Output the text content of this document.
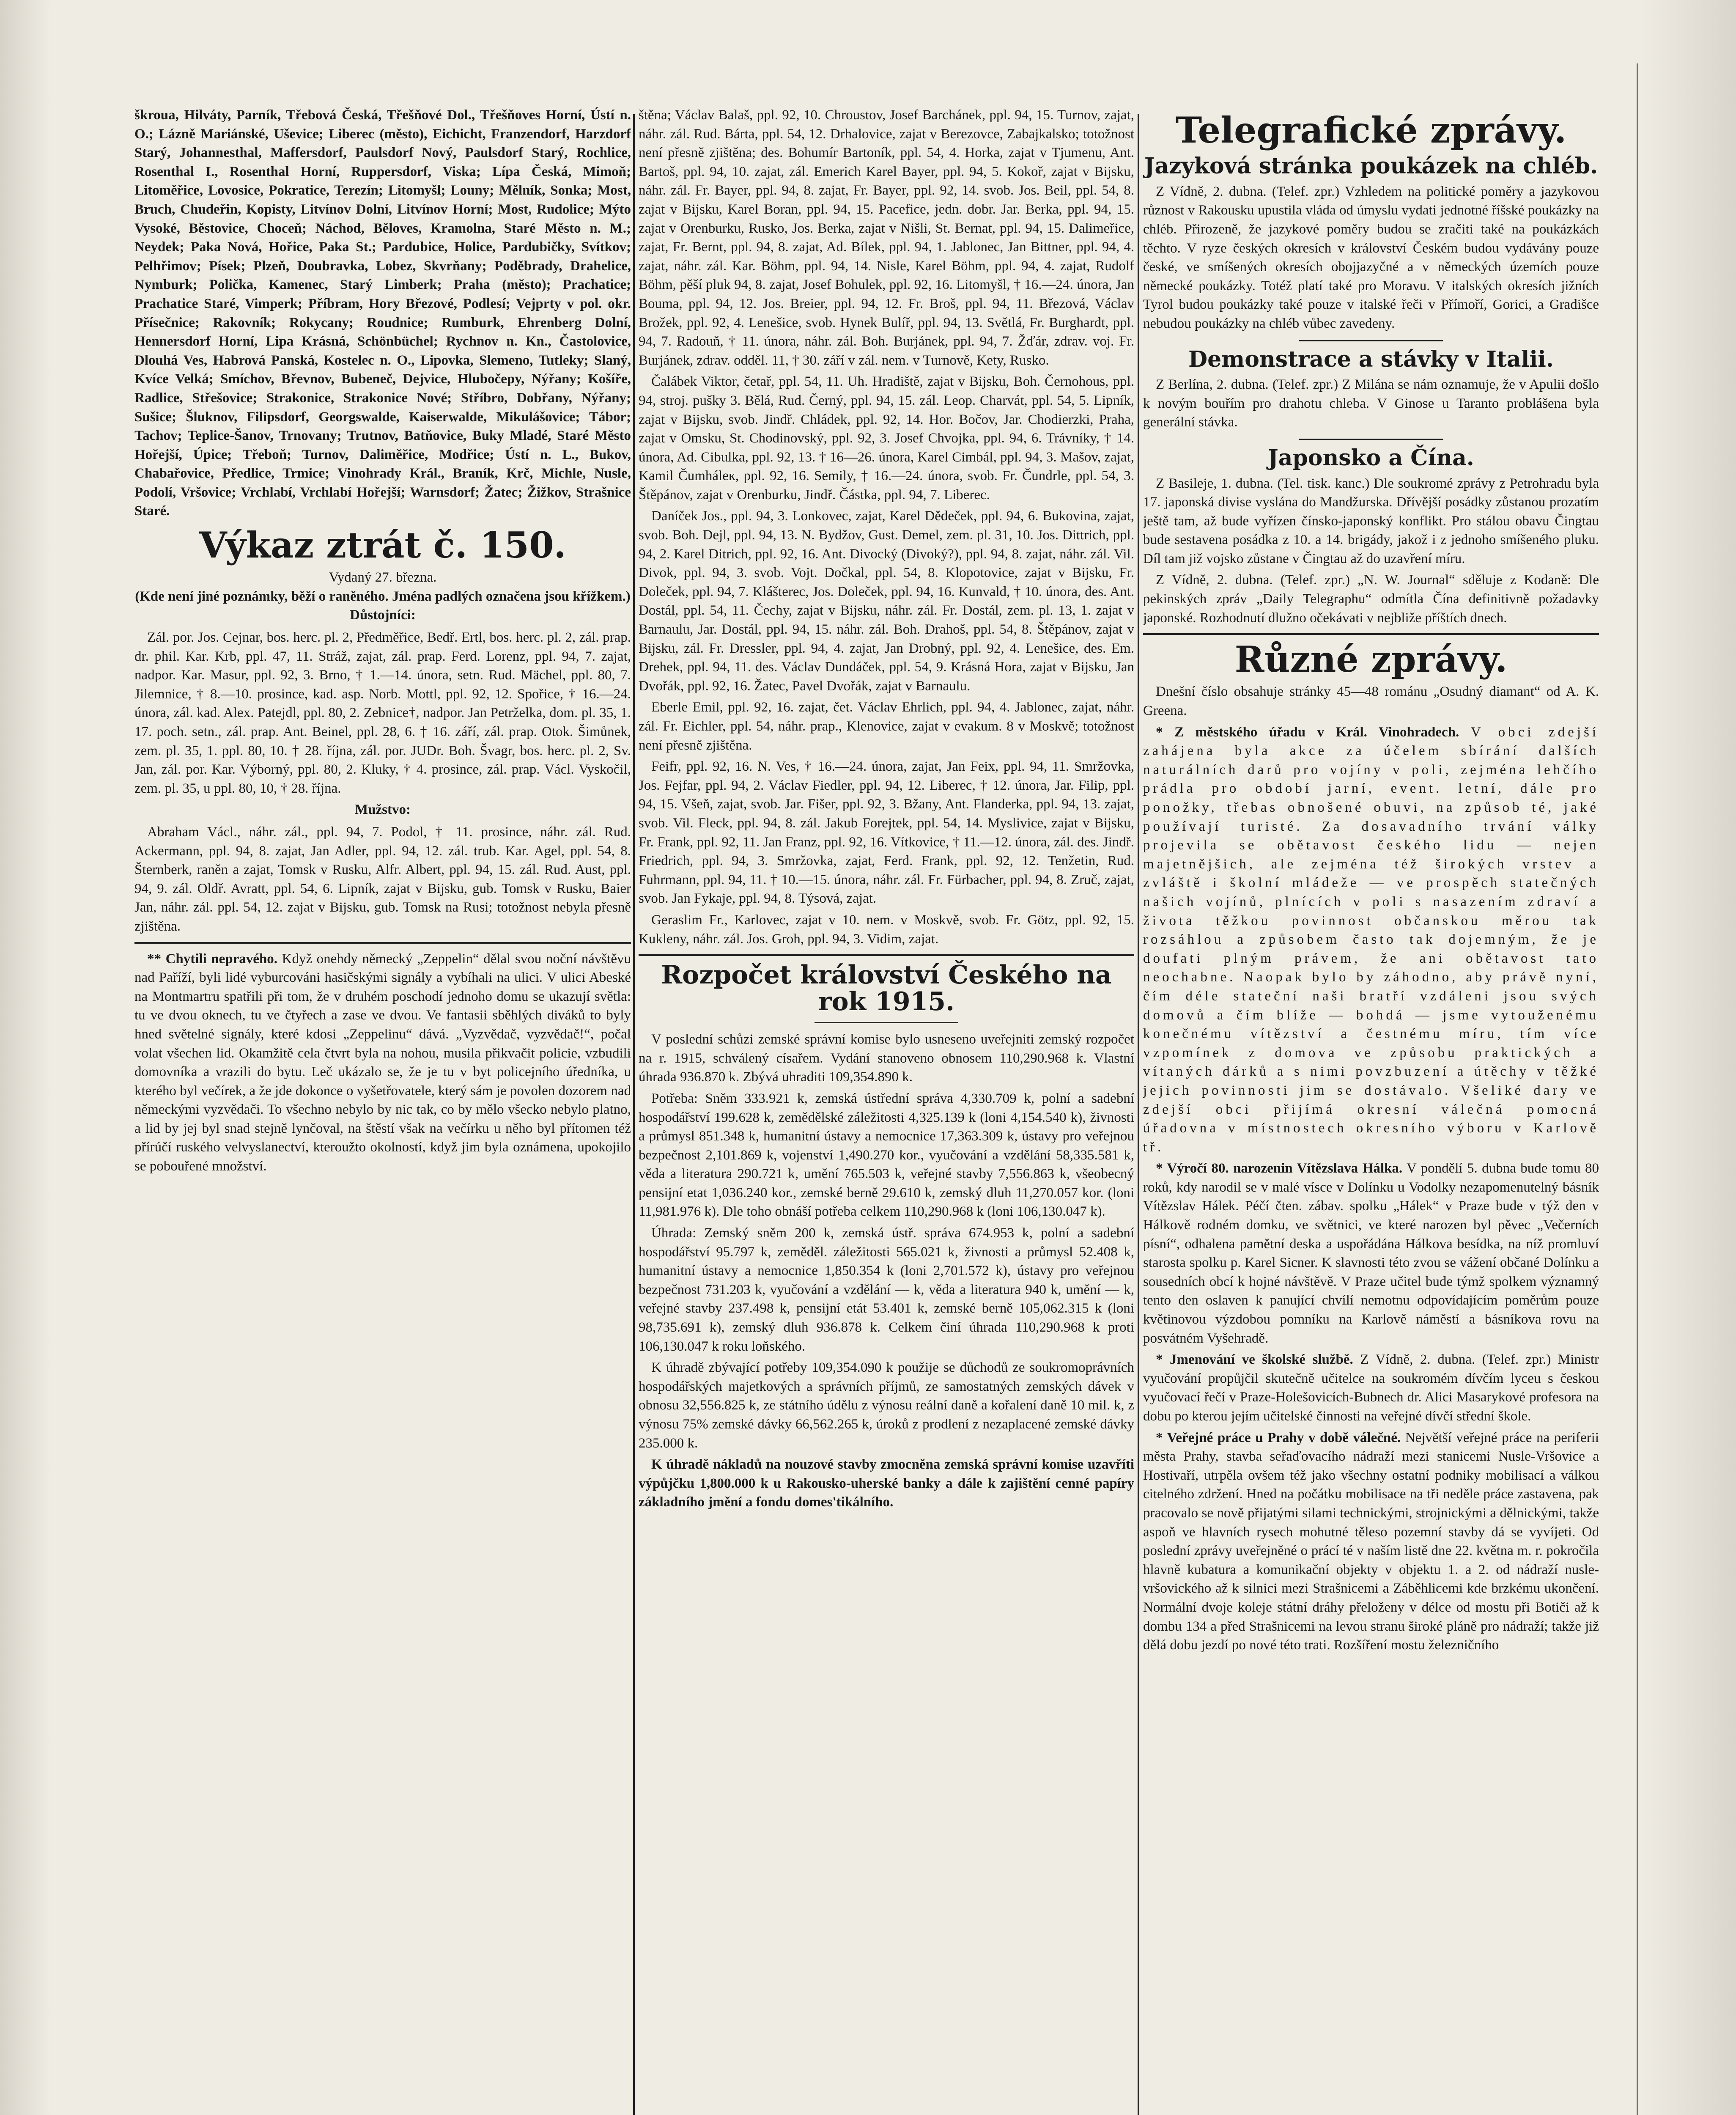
škroua, Hilváty, Parník, Třebová Česká, Třešňové Dol., Třešňoves Horní, Ústí n. O.; Lázně Mariánské, Uševice; Liberec (město), Eichicht, Franzendorf, Harzdorf Starý, Johannesthal, Maffersdorf, Paulsdorf Nový, Paulsdorf Starý, Rochlice, Rosenthal I., Rosenthal Horní, Ruppersdorf, Viska; Lípa Česká, Mimoň; Litoměřice, Lovosice, Pokratice, Terezín; Litomyšl; Louny; Mělník, Sonka; Most, Bruch, Chudeřin, Kopisty, Litvínov Dolní, Litvínov Horní; Most, Rudolice; Mýto Vysoké, Běstovice, Choceň; Náchod, Běloves, Kramolna, Staré Město n. M.; Neydek; Paka Nová, Hořice, Paka St.; Pardubice, Holice, Pardubičky, Svítkov; Pelhřimov; Písek; Plzeň, Doubravka, Lobez, Skvrňany; Poděbrady, Drahelice, Nymburk; Polička, Kamenec, Starý Limberk; Praha (město); Prachatice; Prachatice Staré, Vimperk; Příbram, Hory Březové, Podlesí; Vejprty v pol. okr. Přísečnice; Rakovník; Rokycany; Roudnice; Rumburk, Ehrenberg Dolní, Hennersdorf Horní, Lipa Krásná, Schönbüchel; Rychnov n. Kn., Častolovice, Dlouhá Ves, Habrová Panská, Kostelec n. O., Lipovka, Slemeno, Tutleky; Slaný, Kvíce Velká; Smíchov, Břevnov, Bubeneč, Dejvice, Hlubočepy, Nýřany; Košíře, Radlice, Střešovice; Strakonice, Strakonice Nové; Stříbro, Dobřany, Nýřany; Sušice; Šluknov, Filipsdorf, Georgswalde, Kaiserwalde, Mikulášovice; Tábor; Tachov; Teplice-Šanov, Trnovany; Trutnov, Batňovice, Buky Mladé, Staré Město Hořejší, Úpice; Třeboň; Turnov, Daliměřice, Modřice; Ústí n. L., Bukov, Chabařovice, Předlice, Trmice; Vinohrady Král., Braník, Krč, Michle, Nusle, Podolí, Vršovice; Vrchlabí, Vrchlabí Hořejší; Warnsdorf; Žatec; Žižkov, Strašnice Staré.

Výkaz ztrát č. 150.
Vydaný 27. března.
(Kde není jiné poznámky, běží o raněného. Jména padlých označena jsou křížkem.)
Důstojníci:

Zál. por. Jos. Cejnar, bos. herc. pl. 2, Předměřice, Bedř. Ertl, bos. herc. pl. 2, zál. prap. dr. phil. Kar. Krb, ppl. 47, 11. Stráž, zajat, zál. prap. Ferd. Lorenz, ppl. 94, 7. zajat, nadpor. Kar. Masur, ppl. 92, 3. Brno, † 1.—14. února, setn. Rud. Mächel, ppl. 80, 7. Jilemnice, † 8.—10. prosince, kad. asp. Norb. Mottl, ppl. 92, 12. Spořice, † 16.—24. února, zál. kad. Alex. Patejdl, ppl. 80, 2. Zebnice†, nadpor. Jan Petrželka, dom. pl. 35, 1. 17. poch. setn., zál. prap. Ant. Beinel, ppl. 28, 6. † 16. září, zál. prap. Otok. Šimůnek, zem. pl. 35, 1. ppl. 80, 10. † 28. října, zál. por. JUDr. Boh. Švagr, bos. herc. pl. 2, Sv. Jan, zál. por. Kar. Výborný, ppl. 80, 2. Kluky, † 4. prosince, zál. prap. Václ. Vyskočil, zem. pl. 35, u ppl. 80, 10, † 28. října.

Mužstvo:

Abraham Václ., náhr. zál., ppl. 94, 7. Podol, † 11. prosince, náhr. zál. Rud. Ackermann, ppl. 94, 8. zajat, Jan Adler, ppl. 94, 12. zál. trub. Kar. Agel, ppl. 54, 8. Šternberk, raněn a zajat, Tomsk v Rusku, Alfr. Albert, ppl. 94, 15. zál. Rud. Aust, ppl. 94, 9. zál. Oldř. Avratt, ppl. 54, 6. Lipník, zajat v Bijsku, gub. Tomsk v Rusku, Baier Jan, náhr. zál. ppl. 54, 12. zajat v Bijsku, gub. Tomsk na Rusi; totožnost nebyla přesně zjištěna.

** Chytili nepravého. Když onehdy německý „Zeppelin“ dělal svou noční návštěvu nad Paříží, byli lidé vyburcováni hasičskými signály a vybíhali na ulici. V ulici Abeské na Montmartru spatřili při tom, že v druhém poschodí jednoho domu se ukazují světla: tu ve dvou oknech, tu ve čtyřech a zase ve dvou. Ve fantasii sběhlých diváků to byly hned světelné signály, které kdosi „Zeppelinu“ dává. „Vyzvědač, vyzvědač!“, počal volat všechen lid. Okamžitě cela čtvrt byla na nohou, musila přikvačit policie, vzbudili domovníka a vrazili do bytu. Leč ukázalo se, že je tu v byt policejního úředníka, u kterého byl večírek, a že jde dokonce o vyšetřovatele, který sám je povolen dozorem nad německými vyzvědači. To všechno nebylo by nic tak, co by mělo všecko nebylo platno, a lid by jej byl snad stejně lynčoval, na štěstí však na večírku u něho byl přítomen též přírúčí ruského velvyslanectví, kteroužto okolností, když jim byla oznámena, upokojilo se pobouřené množství.

štěna; Václav Balaš, ppl. 92, 10. Chroustov, Josef Barchánek, ppl. 94, 15. Turnov, zajat, náhr. zál. Rud. Bárta, ppl. 54, 12. Drhalovice, zajat v Berezovce, Zabajkalsko; totožnost není přesně zjištěna; des. Bohumír Bartoník, ppl. 54, 4. Horka, zajat v Tjumenu, Ant. Bartoš, ppl. 94, 10. zajat, zál. Emerich Karel Bayer, ppl. 94, 5. Kokoř, zajat v Bijsku, náhr. zál. Fr. Bayer, ppl. 94, 8. zajat, Fr. Bayer, ppl. 92, 14. svob. Jos. Beil, ppl. 54, 8. zajat v Bijsku, Karel Boran, ppl. 94, 15. Pacefice, jedn. dobr. Jar. Berka, ppl. 94, 15. zajat v Orenburku, Rusko, Jos. Berka, zajat v Nišli, St. Bernat, ppl. 94, 15. Dalimeřice, zajat, Fr. Bernt, ppl. 94, 8. zajat, Ad. Bílek, ppl. 94, 1. Jablonec, Jan Bittner, ppl. 94, 4. zajat, náhr. zál. Kar. Böhm, ppl. 94, 14. Nisle, Karel Böhm, ppl. 94, 4. zajat, Rudolf Böhm, pěší pluk 94, 8. zajat, Josef Bohulek, ppl. 92, 16. Litomyšl, † 16.—24. února, Jan Bouma, ppl. 94, 12. Jos. Breier, ppl. 94, 12. Fr. Broš, ppl. 94, 11. Březová, Václav Brožek, ppl. 92, 4. Lenešice, svob. Hynek Bulíř, ppl. 94, 13. Světlá, Fr. Burghardt, ppl. 94, 7. Radouň, † 11. února, náhr. zál. Boh. Burjánek, ppl. 94, 7. Žďár, zdrav. voj. Fr. Burjánek, zdrav. odděl. 11, † 30. září v zál. nem. v Turnově, Kety, Rusko.

Čalábek Viktor, četař, ppl. 54, 11. Uh. Hradiště, zajat v Bijsku, Boh. Černohous, ppl. 94, stroj. pušky 3. Bělá, Rud. Černý, ppl. 94, 15. zál. Leop. Charvát, ppl. 54, 5. Lipník, zajat v Bijsku, svob. Jindř. Chládek, ppl. 92, 14. Hor. Bočov, Jar. Chodierzki, Praha, zajat v Omsku, St. Chodinovský, ppl. 92, 3. Josef Chvojka, ppl. 94, 6. Trávníky, † 14. února, Ad. Cibulka, ppl. 92, 13. † 16—26. února, Karel Cimbál, ppl. 94, 3. Mašov, zajat, Kamil Čumháleк, ppl. 92, 16. Semily, † 16.—24. února, svob. Fr. Čundrle, ppl. 54, 3. Štěpánov, zajat v Orenburku, Jindř. Částka, ppl. 94, 7. Liberec.

Daníček Jos., ppl. 94, 3. Lonkovec, zajat, Karel Dědeček, ppl. 94, 6. Bukovina, zajat, svob. Boh. Dejl, ppl. 94, 13. N. Bydžov, Gust. Demel, zem. pl. 31, 10. Jos. Dittrich, ppl. 94, 2. Karel Ditrich, ppl. 92, 16. Ant. Divocký (Divoký?), ppl. 94, 8. zajat, náhr. zál. Vil. Divok, ppl. 94, 3. svob. Vojt. Dočkal, ppl. 54, 8. Klopotovice, zajat v Bijsku, Fr. Doleček, ppl. 94, 7. Klášterec, Jos. Doleček, ppl. 94, 16. Kunvald, † 10. února, des. Ant. Dostál, ppl. 54, 11. Čechy, zajat v Bijsku, náhr. zál. Fr. Dostál, zem. pl. 13, 1. zajat v Barnaulu, Jar. Dostál, ppl. 94, 15. náhr. zál. Boh. Drahoš, ppl. 54, 8. Štěpánov, zajat v Bijsku, zál. Fr. Dressler, ppl. 94, 4. zajat, Jan Drobný, ppl. 92, 4. Lenešice, des. Em. Drehek, ppl. 94, 11. des. Václav Dundáček, ppl. 54, 9. Krásná Hora, zajat v Bijsku, Jan Dvořák, ppl. 92, 16. Žatec, Pavel Dvořák, zajat v Barnaulu.

Eberle Emil, ppl. 92, 16. zajat, čet. Václav Ehrlich, ppl. 94, 4. Jablonec, zajat, náhr. zál. Fr. Eichler, ppl. 54, náhr. prap., Klenovice, zajat v evakum. 8 v Moskvě; totožnost není přesně zjištěna.

Feifr, ppl. 92, 16. N. Ves, † 16.—24. února, zajat, Jan Feix, ppl. 94, 11. Smržovka, Jos. Fejfar, ppl. 94, 2. Václav Fiedler, ppl. 94, 12. Liberec, † 12. února, Jar. Filip, ppl. 94, 15. Všeň, zajat, svob. Jar. Fišer, ppl. 92, 3. Bžany, Ant. Flanderka, ppl. 94, 13. zajat, svob. Vil. Fleck, ppl. 94, 8. zál. Jakub Forejtek, ppl. 54, 14. Myslivice, zajat v Bijsku, Fr. Frank, ppl. 92, 11. Jan Franz, ppl. 92, 16. Vítkovice, † 11.—12. února, zál. des. Jindř. Friedrich, ppl. 94, 3. Smržovka, zajat, Ferd. Frank, ppl. 92, 12. Tenžetin, Rud. Fuhrmann, ppl. 94, 11. † 10.—15. února, náhr. zál. Fr. Fürbacher, ppl. 94, 8. Zruč, zajat, svob. Jan Fykaje, ppl. 94, 8. Týsová, zajat.

Geraslim Fr., Karlovec, zajat v 10. nem. v Moskvě, svob. Fr. Götz, ppl. 92, 15. Kukleny, náhr. zál. Jos. Groh, ppl. 94, 3. Vidim, zajat.

Rozpočet království Českého na rok 1915.

V poslední schůzi zemské správní komise bylo usneseno uveřejniti zemský rozpočet na r. 1915, schválený císařem. Vydání stanoveno obnosem 110,290.968 k. Vlastní úhrada 936.870 k. Zbývá uhraditi 109,354.890 k.

Potřeba: Sněm 333.921 k, zemská ústřední správa 4,330.709 k, polní a sadební hospodářství 199.628 k, zemědělské záležitosti 4,325.139 k (loni 4,154.540 k), živnosti a průmysl 851.348 k, humanitní ústavy a nemocnice 17,363.309 k, ústavy pro veřejnou bezpečnost 2,101.869 k, vojenství 1,490.270 kor., vyučování a vzdělání 58,335.581 k, věda a literatura 290.721 k, umění 765.503 k, veřejné stavby 7,556.863 k, všeobecný pensijní etat 1,036.240 kor., zemské berně 29.610 k, zemský dluh 11,270.057 kor. (loni 11,981.976 k). Dle toho obnáší potřeba celkem 110,290.968 k (loni 106,130.047 k).

Úhrada: Zemský sněm 200 k, zemská ústř. správa 674.953 k, polní a sadební hospodářství 95.797 k, zeměděl. záležitosti 565.021 k, živnosti a průmysl 52.408 k, humanitní ústavy a nemocnice 1,850.354 k (loni 2,701.572 k), ústavy pro veřejnou bezpečnost 731.203 k, vyučování a vzdělání — k, věda a literatura 940 k, umění — k, veřejné stavby 237.498 k, pensijní etát 53.401 k, zemské berně 105,062.315 k (loni 98,735.691 k), zemský dluh 936.878 k. Celkem činí úhrada 110,290.968 k proti 106,130.047 k roku loňského.

K úhradě zbývající potřeby 109,354.090 k použije se důchodů ze soukromoprávních hospodářských majetkových a správních příjmů, ze samostatných zemských dávek v obnosu 32,556.825 k, ze státního údělu z výnosu reální daně a kořalení daně 10 mil. k, z výnosu 75% zemské dávky 66,562.265 k, úroků z prodlení z nezaplacené zemské dávky 235.000 k.

K úhradě nákladů na nouzové stavby zmocněna zemská správní komise uzavříti výpůjčku 1,800.000 k u Rakousko-uherské banky a dále k zajištění cenné papíry základního jmění a fondu domes'tikálního.

Telegrafické zprávy.
Jazyková stránka poukázek na chléb.

Z Vídně, 2. dubna. (Telef. zpr.) Vzhledem na politické poměry a jazykovou různost v Rakousku upustila vláda od úmyslu vydati jednotné říšské poukázky na chléb. Přirozeně, že jazykové poměry budou se zračiti také na poukázkách těchto. V ryze českých okresích v království Českém budou vydávány pouze české, ve smíšených okresích obojjazyčné a v německých územích pouze německé poukázky. Totéž platí také pro Moravu. V italských okresích jižních Tyrol budou poukázky také pouze v italské řeči v Přímoří, Gorici, a Gradišce nebudou poukázky na chléb vůbec zavedeny.

Demonstrace a stávky v Italii.

Z Berlína, 2. dubna. (Telef. zpr.) Z Milána se nám oznamuje, že v Apulii došlo k novým bouřím pro drahotu chleba. V Ginose u Taranto problášena byla generální stávka.

Japonsko a Čína.

Z Basileje, 1. dubna. (Tel. tisk. kanc.) Dle soukromé zprávy z Petrohradu byla 17. japonská divise vyslána do Mandžurska. Dřívější posádky zůstanou prozatím ještě tam, až bude vyřízen čínsko-japonský konflikt. Pro stálou obavu Čingtau bude sestavena posádka z 10. a 14. brigády, jakož i z jednoho smíšeného pluku. Díl tam již vojsko zůstane v Čingtau až do uzavření míru.

Z Vídně, 2. dubna. (Telef. zpr.) „N. W. Journal“ sděluje z Kodaně: Dle pekinských zpráv „Daily Telegraphu“ odmítla Čína definitivně požadavky japonské. Rozhodnutí dlužno očekávati v nejbliže příštích dnech.

Různé zprávy.

Dnešní číslo obsahuje stránky 45—48 románu „Osudný diamant“ od A. K. Greena.

* Z městského úřadu v Král. Vinohradech. V obci zdejší zahájena byla akce za účelem sbírání dalších naturálních darů pro vojíny v poli, zejména lehčího prádla pro období jarní, event. letní, dále pro ponožky, třebas obnošené obuvi, na způsob té, jaké používají turisté. Za dosavadního trvání války projevila se obětavost českého lidu — nejen majetnějšich, ale zejména též širokých vrstev a zvláště i školní mládeže — ve prospěch statečných našich vojínů, plnících v poli s nasazením zdraví a života těžkou povinnost občanskou měrou tak rozsáhlou a způsobem často tak dojemným, že je doufati plným právem, že ani obětavost tato neochabne. Naopak bylo by záhodno, aby právě nyní, čím déle stateční naši bratří vzdáleni jsou svých domovů a čím blíže — bohdá — jsme vytouženému konečnému vítězství a čestnému míru, tím více vzpomínek z domova ve způsobu praktických a vítaných dárků a s nimi povzbuzení a útěchy v těžké jejich povinnosti jim se dostávalo. Všeliké dary ve zdejší obci přijímá okresní válečná pomocná úřadovna v místnostech okresního výboru v Karlově tř.

* Výročí 80. narozenin Vítězslava Hálka. V pondělí 5. dubna bude tomu 80 roků, kdy narodil se v malé vísce v Dolínku u Vodolky nezapomenutelný básník Vítězslav Hálek. Péčí čten. zábav. spolku „Hálek“ v Praze bude v týž den v Hálkově rodném domku, ve světnici, ve které narozen byl pěvec „Večerních písní“, odhalena pamětní deska a uspořádána Hálkova besídka, na níž promluví starosta spolku p. Karel Sicner. K slavnosti této zvou se vážení občané Dolínku a sousedních obcí k hojné návštěvě. V Praze učitel bude týmž spolkem významný tento den oslaven k panující chvílí nemotnu odpovídajícím poměrům pouze květinovou výzdobou pomníku na Karlově náměstí a básníkova rovu na posvátném Vyšehradě.

* Jmenování ve školské službě. Z Vídně, 2. dubna. (Telef. zpr.) Ministr vyučování propůjčil skutečně učitelce na soukromém dívčím lyceu s českou vyučovací řečí v Praze-Holešovicích-Bubnech dr. Alici Masarykové profesora na dobu po kterou jejím učitelské činnosti na veřejné dívčí střední škole.

* Veřejné práce u Prahy v době válečné. Největší veřejné práce na periferii města Prahy, stavba seřaďovacího nádraží mezi stanicemi Nusle-Vršovice a Hostivaří, utrpěla ovšem též jako všechny ostatní podniky mobilisací a válkou citelného zdržení. Hned na počátku mobilisace na tři neděle práce zastavena, pak pracovalo se nově přijatými silami technickými, strojnickými a dělnickými, takže aspoň ve hlavních rysech mohutné těleso pozemní stavby dá se vyvíjeti. Od poslední zprávy uveřejněné o prácí té v naším listě dne 22. května m. r. pokročila hlavně kubatura a komunikační objekty v objektu 1. a 2. od nádraží nusle-vršovického až k silnici mezi Strašnicemi a Záběhlicemi kde brzkému ukončení. Normální dvoje koleje státní dráhy přeloženy v délce od mostu při Botiči až k dombu 134 a před Strašnicemi na levou stranu široké pláně pro nádraží; takže již dělá dobu jezdí po nové této trati. Rozšíření mostu železničního
